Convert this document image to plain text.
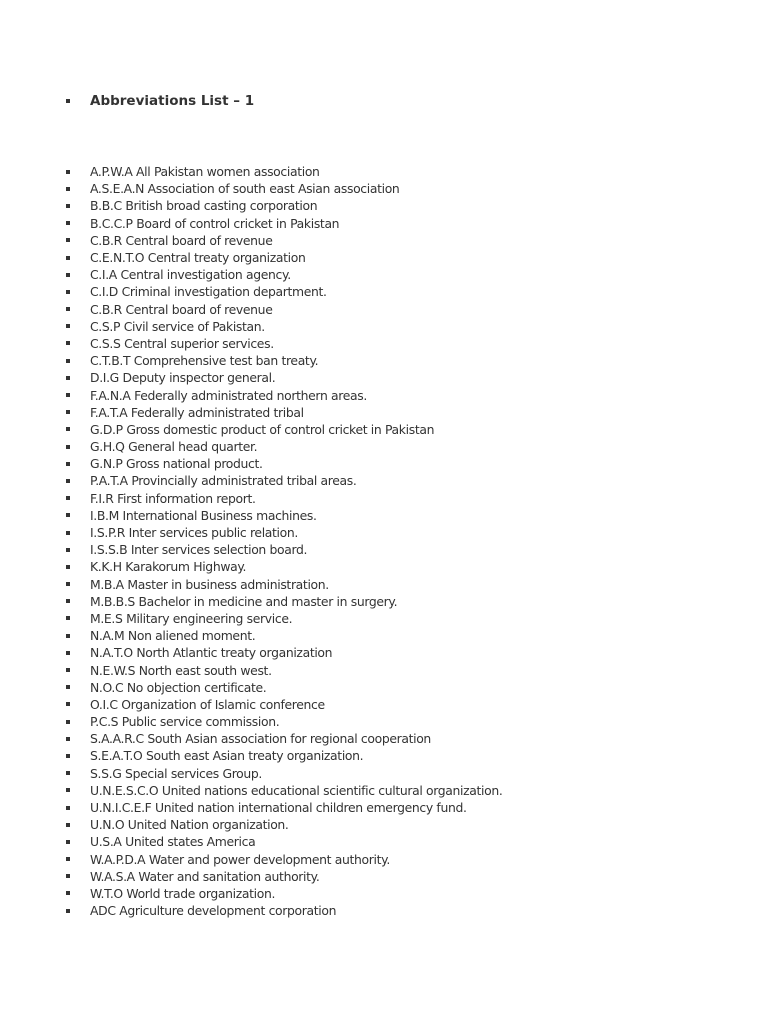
Abbreviations List – 1
A.P.W.A All Pakistan women association
A.S.E.A.N Association of south east Asian association
B.B.C British broad casting corporation
B.C.C.P Board of control cricket in Pakistan
C.B.R Central board of revenue
C.E.N.T.O Central treaty organization
C.I.A Central investigation agency.
C.I.D Criminal investigation department.
C.B.R Central board of revenue
C.S.P Civil service of Pakistan.
C.S.S Central superior services.
C.T.B.T Comprehensive test ban treaty.
D.I.G Deputy inspector general.
F.A.N.A Federally administrated northern areas.
F.A.T.A Federally administrated tribal
G.D.P Gross domestic product of control cricket in Pakistan
G.H.Q General head quarter.
G.N.P Gross national product.
P.A.T.A Provincially administrated tribal areas.
F.I.R First information report.
I.B.M International Business machines.
I.S.P.R Inter services public relation.
I.S.S.B Inter services selection board.
K.K.H Karakorum Highway.
M.B.A Master in business administration.
M.B.B.S Bachelor in medicine and master in surgery.
M.E.S Military engineering service.
N.A.M Non aliened moment.
N.A.T.O North Atlantic treaty organization
N.E.W.S North east south west.
N.O.C No objection certificate.
O.I.C Organization of Islamic conference
P.C.S Public service commission.
S.A.A.R.C South Asian association for regional cooperation
S.E.A.T.O South east Asian treaty organization.
S.S.G Special services Group.
U.N.E.S.C.O United nations educational scientific cultural organization.
U.N.I.C.E.F United nation international children emergency fund.
U.N.O United Nation organization.
U.S.A United states America
W.A.P.D.A Water and power development authority.
W.A.S.A Water and sanitation authority.
W.T.O World trade organization.
ADC Agriculture development corporation
